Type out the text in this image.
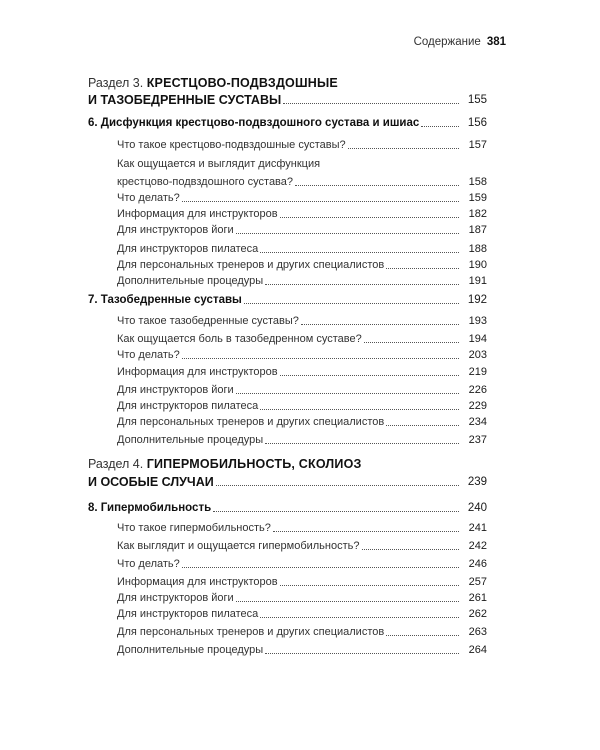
Содержание 381
Раздел 3. КРЕСТЦОВО-ПОДВЗДОШНЫЕ
И ТАЗОБЕДРЕННЫЕ СУСТАВЫ	155
6. Дисфункция крестцово-подвздошного сустава и ишиас	156
Что такое крестцово-подвздошные суставы?	157
Как ощущается и выглядит дисфункция
крестцово-подвздошного сустава?	158
Что делать?	159
Информация для инструкторов	182
Для инструкторов йоги	187
Для инструкторов пилатеса	188
Для персональных тренеров и других специалистов	190
Дополнительные процедуры	191
7. Тазобедренные суставы	192
Что такое тазобедренные суставы?	193
Как ощущается боль в тазобедренном суставе?	194
Что делать?	203
Информация для инструкторов	219
Для инструкторов йоги	226
Для инструкторов пилатеса	229
Для персональных тренеров и других специалистов	234
Дополнительные процедуры	237
Раздел 4. ГИПЕРМОБИЛЬНОСТЬ, СКОЛИОЗ
И ОСОБЫЕ СЛУЧАИ	239
8. Гипермобильность	240
Что такое гипермобильность?	241
Как выглядит и ощущается гипермобильность?	242
Что делать?	246
Информация для инструкторов	257
Для инструкторов йоги	261
Для инструкторов пилатеса	262
Для персональных тренеров и других специалистов	263
Дополнительные процедуры	264
